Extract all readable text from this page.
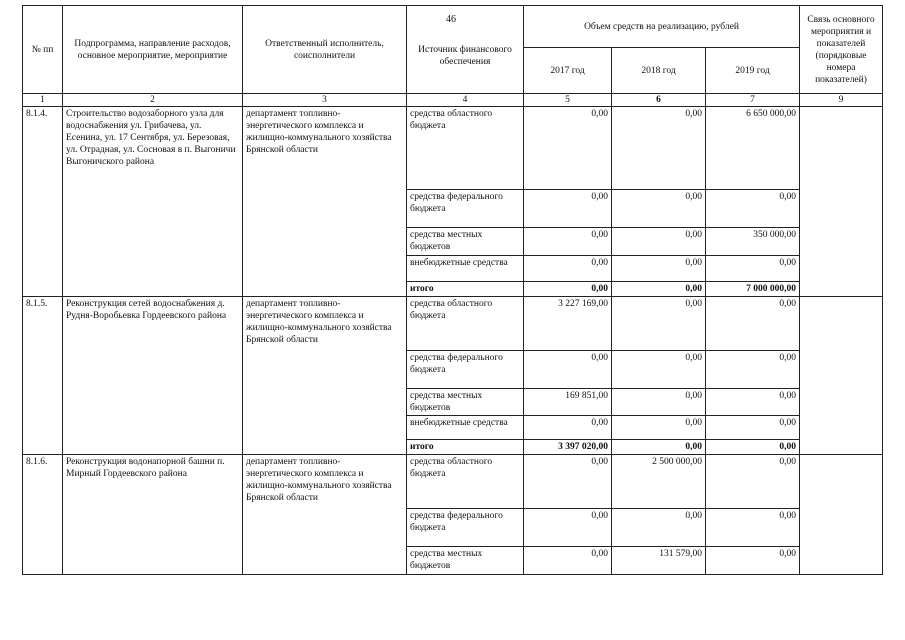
46
№ пп	Подпрограмма, направление расходов, основное мероприятие, мероприятие	Ответственный исполнитель, соисполнители	Источник финансового обеспечения	Объем средств на реализацию, рублей			Связь основного мероприятия и показателей (порядковые номера показателей)
				2017 год	2018 год	2019 год	
1	2	3	4	5	6	7	9
8.1.4.	Строительство водозаборного узла для водоснабжения ул. Грибачева, ул. Есенина, ул. 17 Сентября, ул. Березовая, ул. Отрадная, ул. Сосновая в п. Выгоничи Выгоничского района	департамент топливно-энергетического комплекса и жилищно-коммунального хозяйства Брянской области	средства областного бюджета	0,00	0,00	6 650 000,00	
			средства федерального бюджета	0,00	0,00	0,00	
			средства местных бюджетов	0,00	0,00	350 000,00	
			внебюджетные средства	0,00	0,00	0,00	
			итого	0,00	0,00	7 000 000,00	
8.1.5.	Реконструкция сетей водоснабжения д. Рудня-Воробьевка Гордеевского района	департамент топливно-энергетического комплекса и жилищно-коммунального хозяйства Брянской области	средства областного бюджета	3 227 169,00	0,00	0,00	
			средства федерального бюджета	0,00	0,00	0,00	
			средства местных бюджетов	169 851,00	0,00	0,00	
			внебюджетные средства	0,00	0,00	0,00	
			итого	3 397 020,00	0,00	0,00	
8.1.6.	Реконструкция водонапорной башни п. Мирный Гордеевского района	департамент топливно-энергетического комплекса и жилищно-коммунального хозяйства Брянской области	средства областного бюджета	0,00	2 500 000,00	0,00	
			средства федерального бюджета	0,00	0,00	0,00	
			средства местных бюджетов	0,00	131 579,00	0,00	
